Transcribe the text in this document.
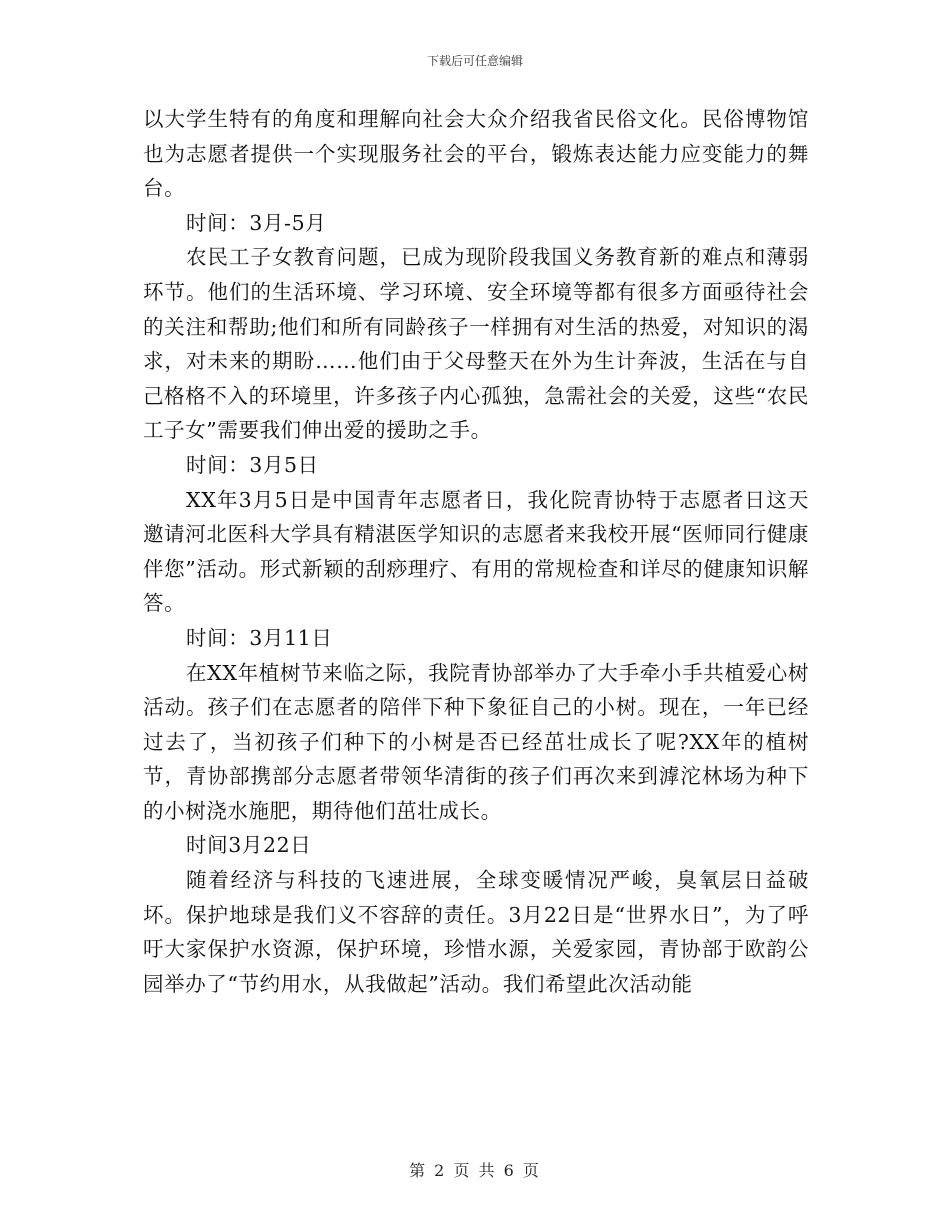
下载后可任意编辑

以大学生特有的角度和理解向社会大众介绍我省民俗文化。民俗博物馆也为志愿者提供一个实现服务社会的平台，锻炼表达能力应变能力的舞台。

时间：3月-5月

农民工子女教育问题，已成为现阶段我国义务教育新的难点和薄弱环节。他们的生活环境、学习环境、安全环境等都有很多方面亟待社会的关注和帮助;他们和所有同龄孩子一样拥有对生活的热爱，对知识的渴求，对未来的期盼……他们由于父母整天在外为生计奔波，生活在与自己格格不入的环境里，许多孩子内心孤独，急需社会的关爱，这些“农民工子女”需要我们伸出爱的援助之手。

时间：3月5日

XX年3月5日是中国青年志愿者日，我化院青协特于志愿者日这天邀请河北医科大学具有精湛医学知识的志愿者来我校开展“医师同行健康伴您”活动。形式新颖的刮痧理疗、有用的常规检查和详尽的健康知识解答。

时间：3月11日

在XX年植树节来临之际，我院青协部举办了大手牵小手共植爱心树活动。孩子们在志愿者的陪伴下种下象征自己的小树。现在，一年已经过去了，当初孩子们种下的小树是否已经茁壮成长了呢?XX年的植树节，青协部携部分志愿者带领华清街的孩子们再次来到滹沱林场为种下的小树浇水施肥，期待他们茁壮成长。

时间3月22日

随着经济与科技的飞速进展，全球变暖情况严峻，臭氧层日益破坏。保护地球是我们义不容辞的责任。3月22日是“世界水日”，为了呼吁大家保护水资源，保护环境，珍惜水源，关爱家园，青协部于欧韵公园举办了“节约用水，从我做起”活动。我们希望此次活动能

第 2 页 共 6 页
